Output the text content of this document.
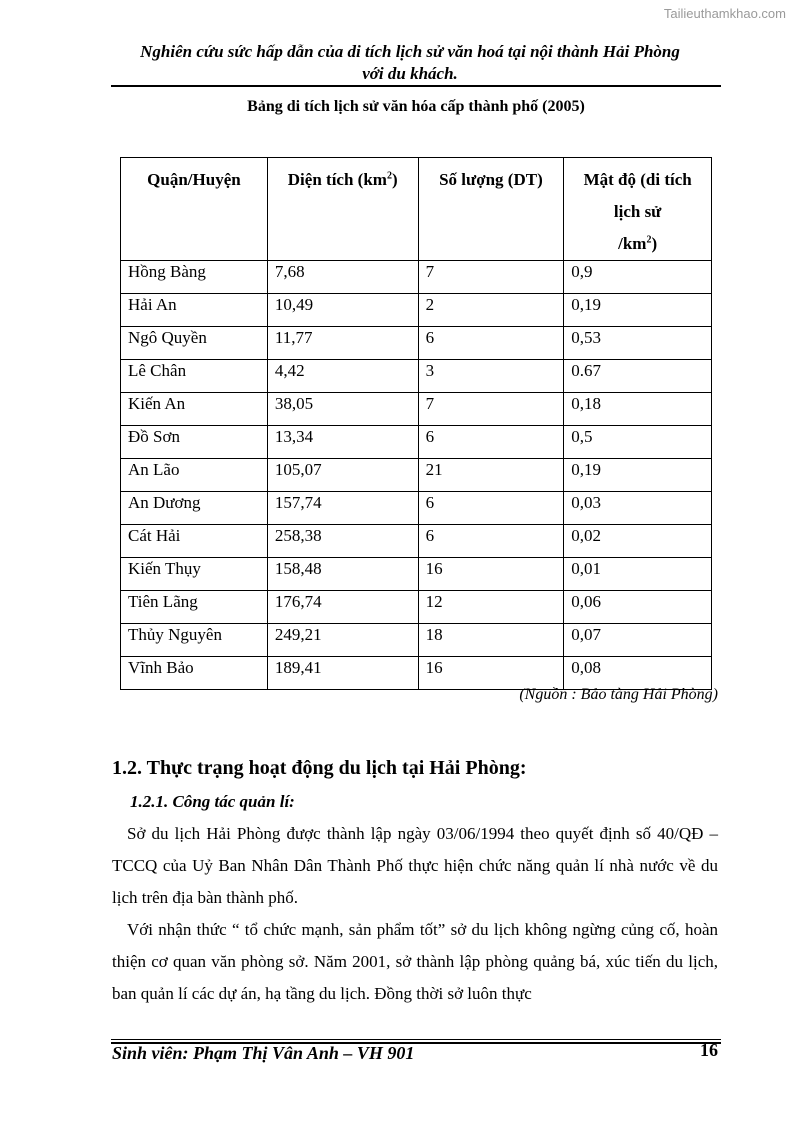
Tailieuthamkhao.com
Nghiên cứu sức hấp dẫn của di tích lịch sử văn hoá tại nội thành Hải Phòng
với du khách.
Bảng di tích lịch sử văn hóa cấp thành phố (2005)
Quận/Huyện	Diện tích $(km^2)$	Số lượng (DT)	Mật độ (di tích
lịch sử
$/km^2$)

Hồng Bàng	7,68	7	0,9
Hải An	10,49	2	0,19
Ngô Quyền	11,77	6	0,53
Lê Chân	4,42	3	0.67
Kiến An	38,05	7	0,18
Đồ Sơn	13,34	6	0,5
An Lão	105,07	21	0,19
An Dương	157,74	6	0,03
Cát Hải	258,38	6	0,02
Kiến Thụy	158,48	16	0,01
Tiên Lãng	176,74	12	0,06
Thủy Nguyên	249,21	18	0,07
Vĩnh Bảo	189,41	16	0,08
(Nguồn : Bảo tàng Hải Phòng)
1.2. Thực trạng hoạt động du lịch tại Hải Phòng:
1.2.1. Công tác quản lí:

Sở du lịch Hải Phòng được thành lập ngày 03/06/1994 theo quyết định số 40/QĐ – TCCQ của Uỷ Ban Nhân Dân Thành Phố thực hiện chức năng quản lí nhà nước về du lịch trên địa bàn thành phố.

Với nhận thức “ tổ chức mạnh, sản phẩm tốt” sở du lịch không ngừng củng cố, hoàn thiện cơ quan văn phòng sở. Năm 2001, sở thành lập phòng quảng bá, xúc tiến du lịch, ban quản lí các dự án, hạ tầng du lịch. Đồng thời sở luôn thực

Sinh viên: Phạm Thị Vân Anh – VH 901	16
